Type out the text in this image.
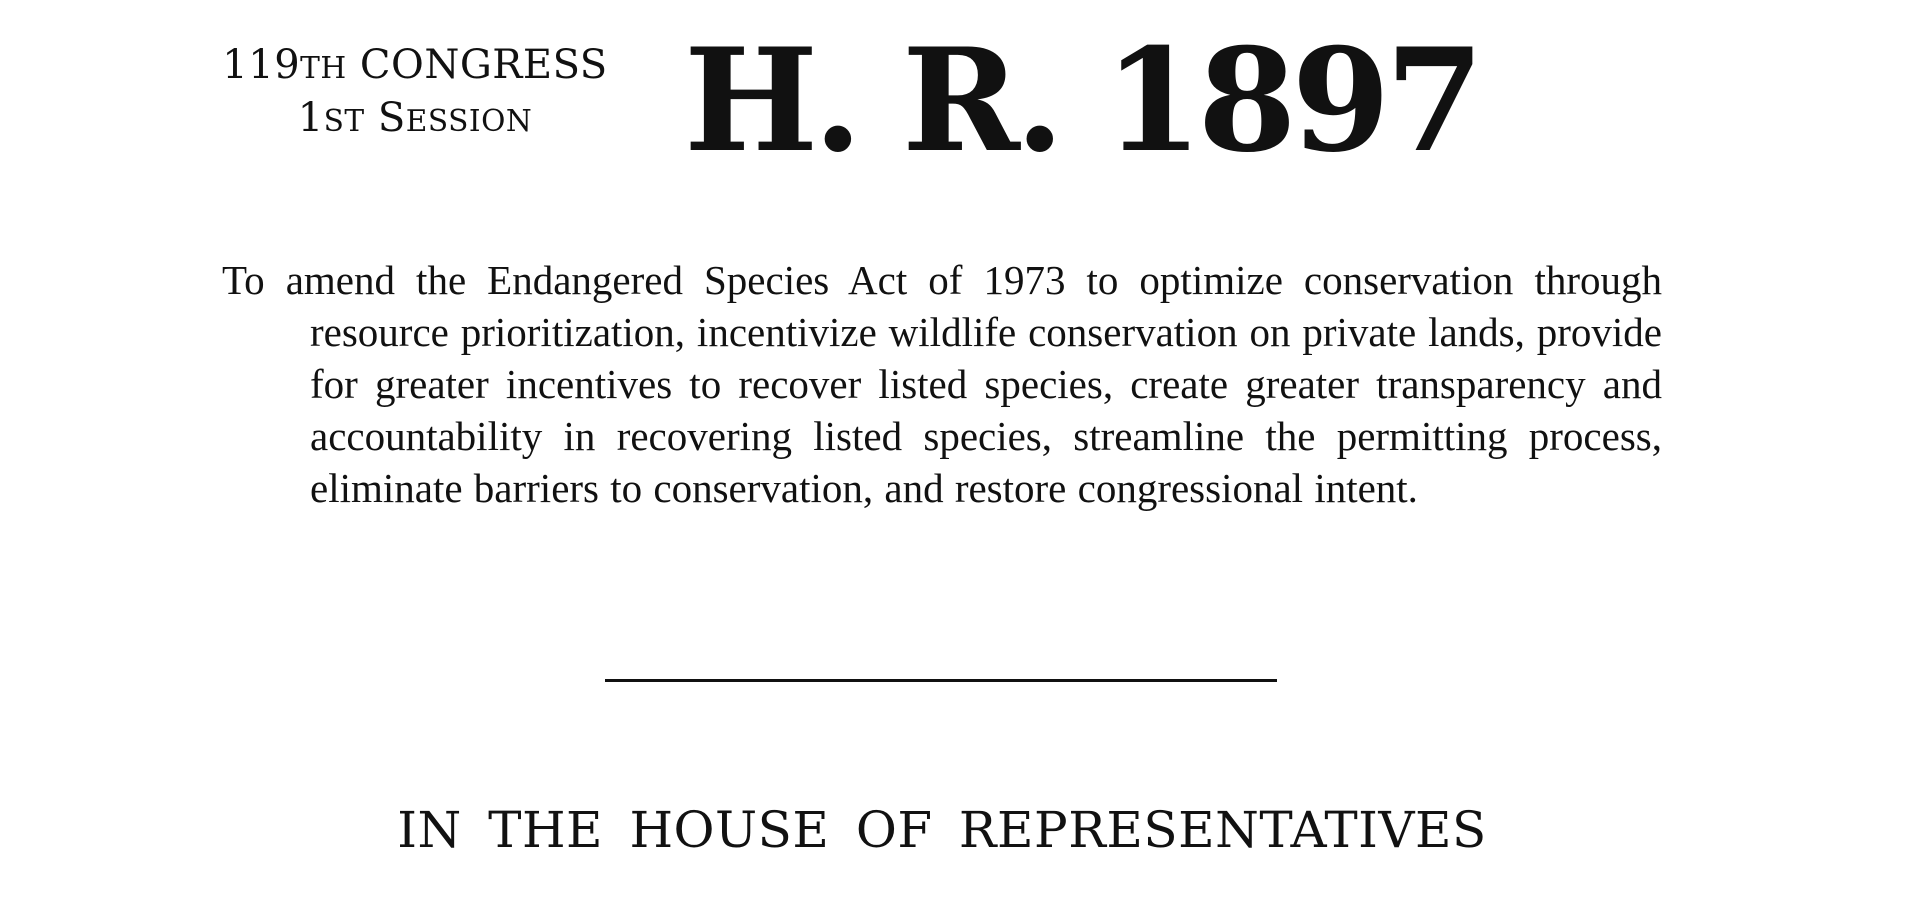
119TH CONGRESS
1ST SESSION	H. R. 1897

To amend the Endangered Species Act of 1973 to optimize conservation through resource prioritization, incentivize wildlife conservation on private lands, provide for greater incentives to recover listed species, create greater transparency and accountability in recovering listed species, streamline the permitting process, eliminate barriers to conservation, and restore congressional intent.

IN THE HOUSE OF REPRESENTATIVES
